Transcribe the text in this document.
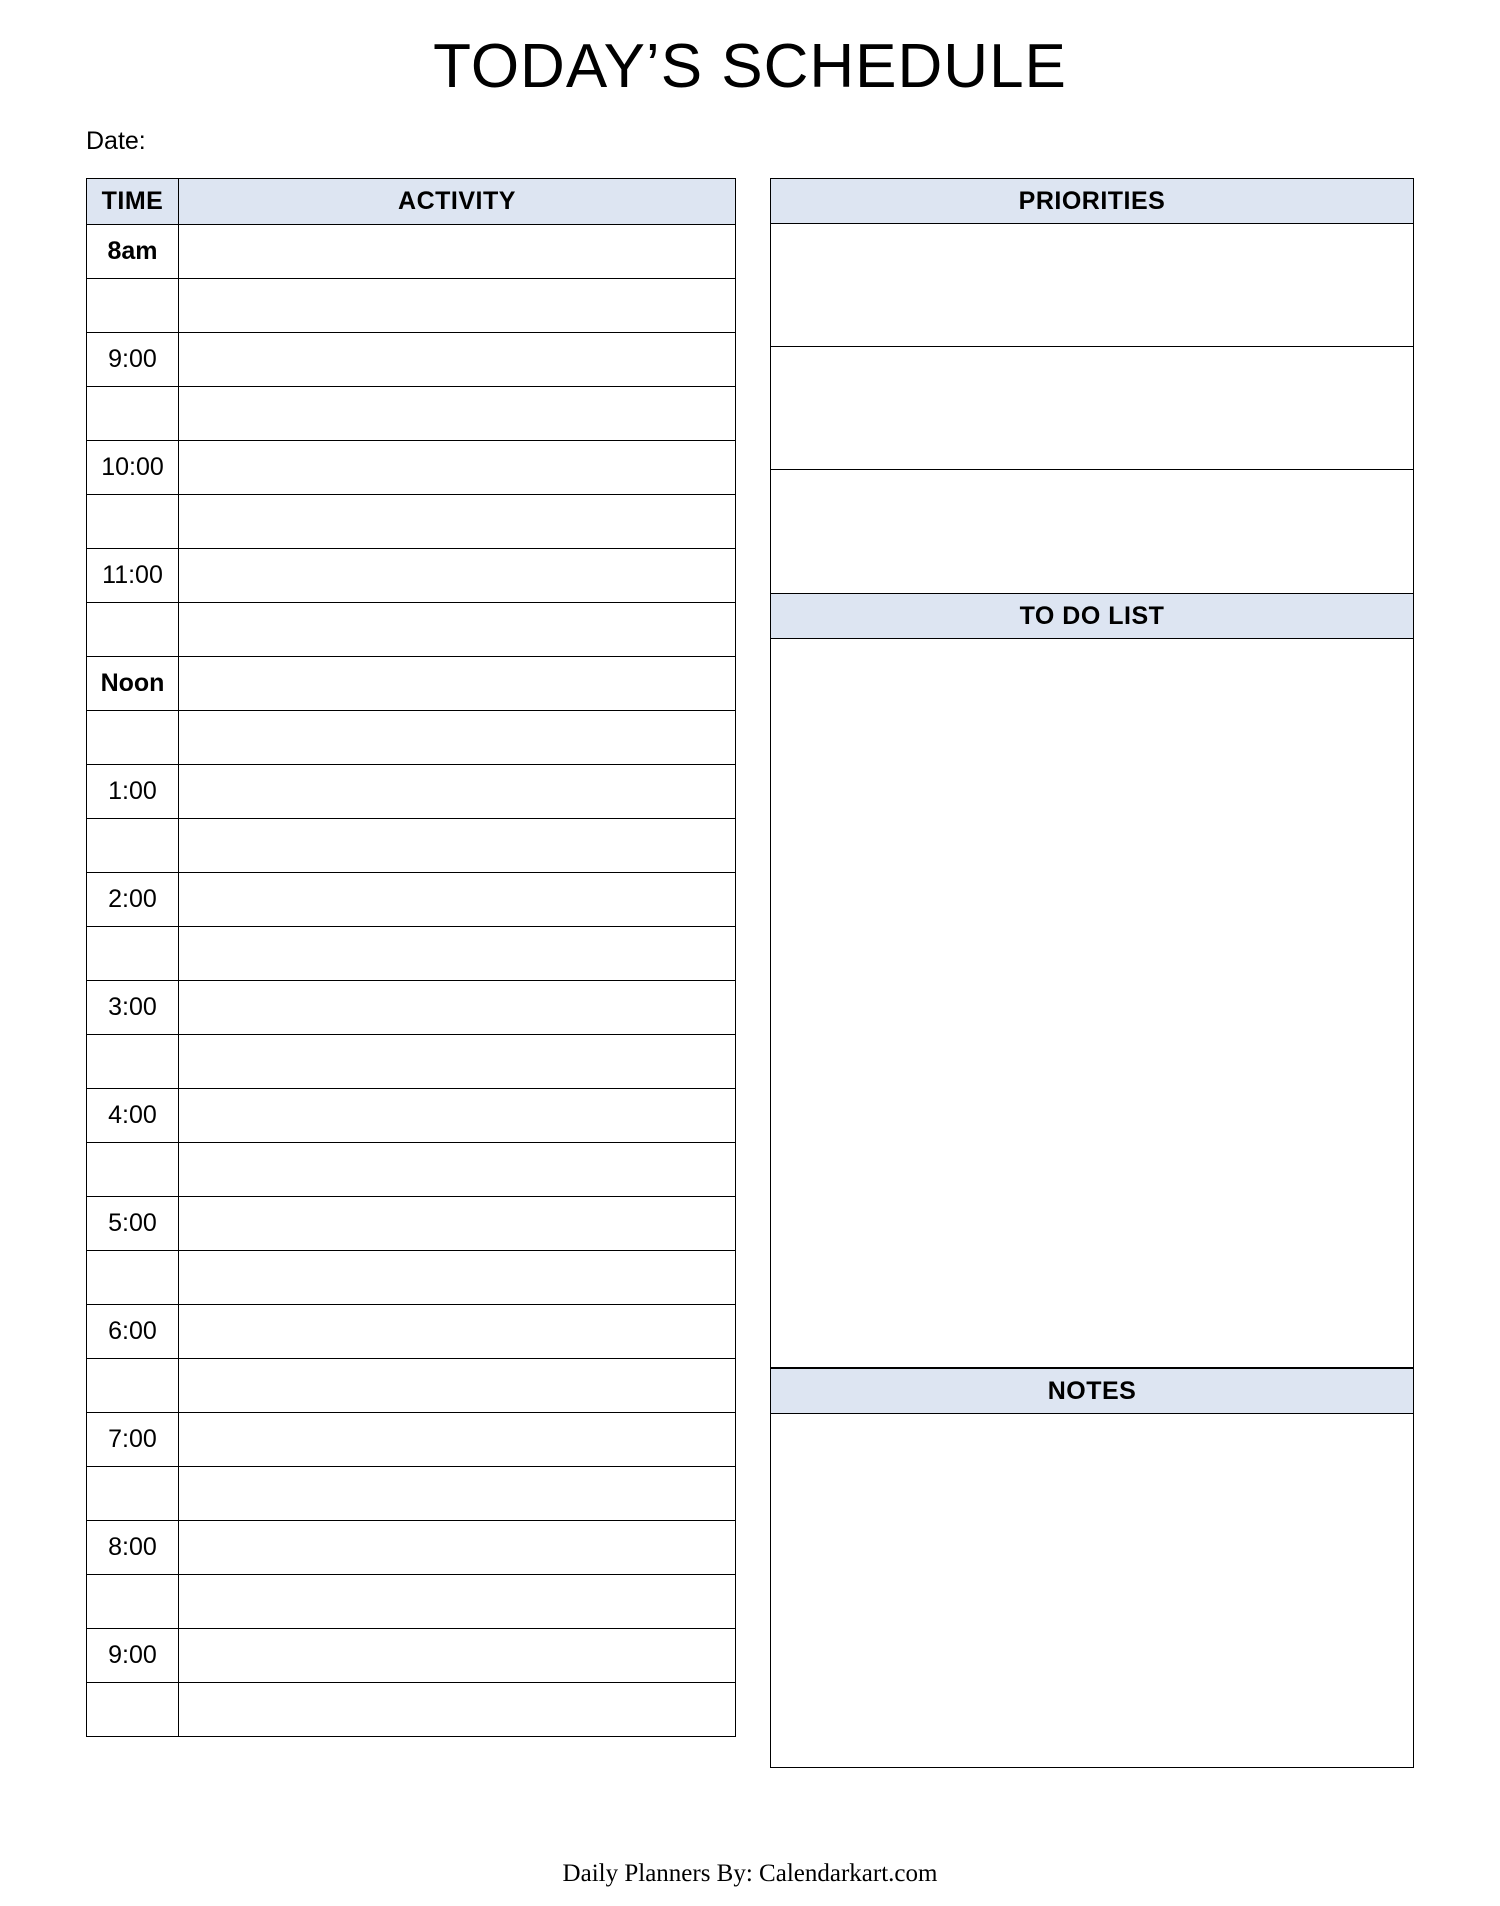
TODAY’S SCHEDULE
Date:
TIME	ACTIVITY
8am	

9:00	

10:00	

11:00	

Noon	

1:00	

2:00	

3:00	

4:00	

5:00	

6:00	

7:00	

8:00	

9:00	

PRIORITIES
TO DO LIST
NOTES
Daily Planners By: Calendarkart.com
